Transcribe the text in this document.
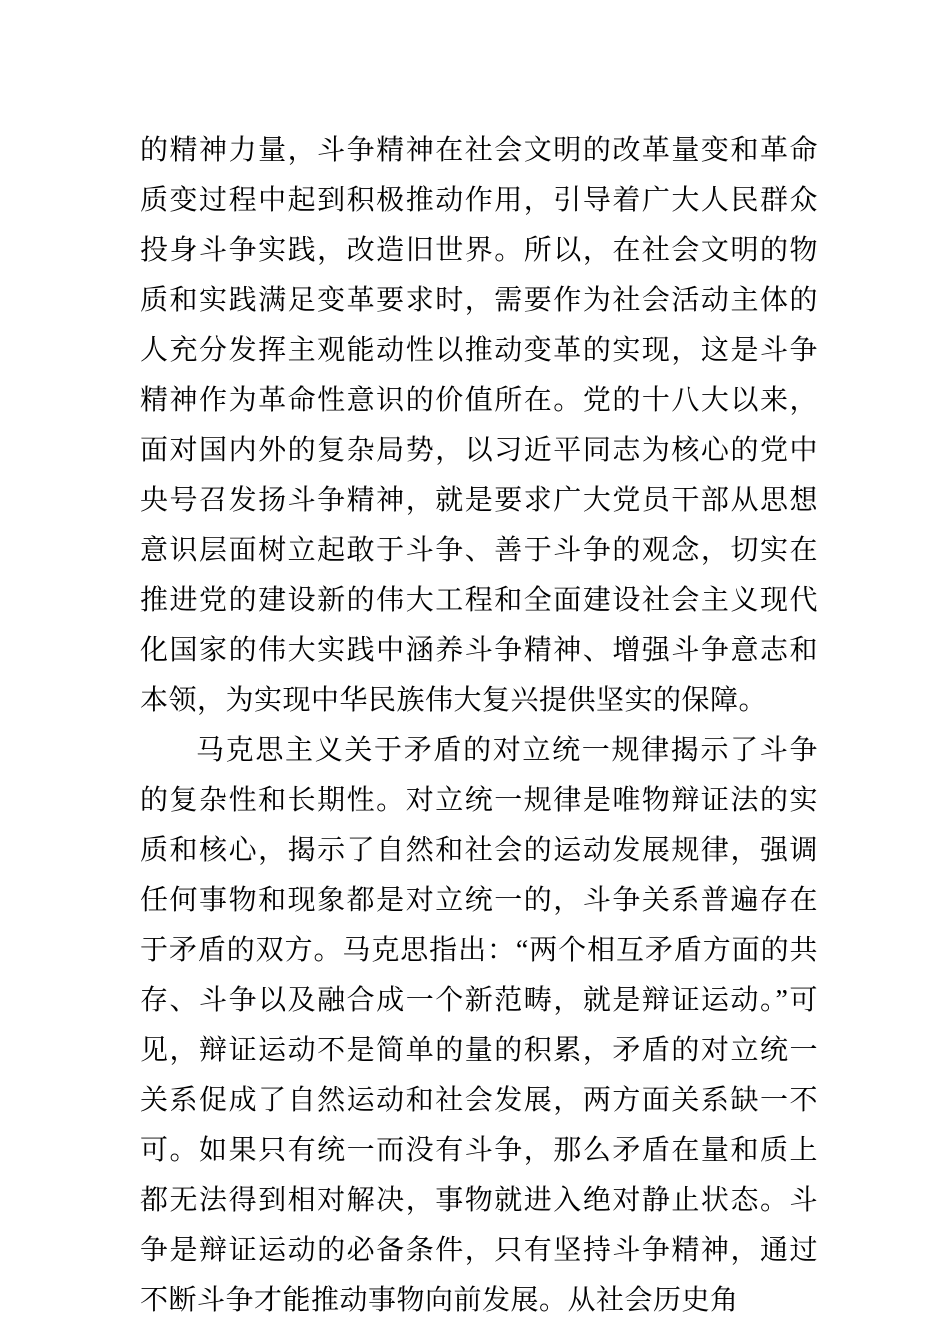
的精神力量，斗争精神在社会文明的改革量变和革命质变过程中起到积极推动作用，引导着广大人民群众投身斗争实践，改造旧世界。所以，在社会文明的物质和实践满足变革要求时，需要作为社会活动主体的人充分发挥主观能动性以推动变革的实现，这是斗争精神作为革命性意识的价值所在。党的十八大以来，面对国内外的复杂局势，以习近平同志为核心的党中央号召发扬斗争精神，就是要求广大党员干部从思想意识层面树立起敢于斗争、善于斗争的观念，切实在推进党的建设新的伟大工程和全面建设社会主义现代化国家的伟大实践中涵养斗争精神、增强斗争意志和本领，为实现中华民族伟大复兴提供坚实的保障。

马克思主义关于矛盾的对立统一规律揭示了斗争的复杂性和长期性。对立统一规律是唯物辩证法的实质和核心，揭示了自然和社会的运动发展规律，强调任何事物和现象都是对立统一的，斗争关系普遍存在于矛盾的双方。马克思指出：“两个相互矛盾方面的共存、斗争以及融合成一个新范畴，就是辩证运动。”可见，辩证运动不是简单的量的积累，矛盾的对立统一关系促成了自然运动和社会发展，两方面关系缺一不可。如果只有统一而没有斗争，那么矛盾在量和质上都无法得到相对解决，事物就进入绝对静止状态。斗争是辩证运动的必备条件，只有坚持斗争精神，通过不断斗争才能推动事物向前发展。从社会历史角
